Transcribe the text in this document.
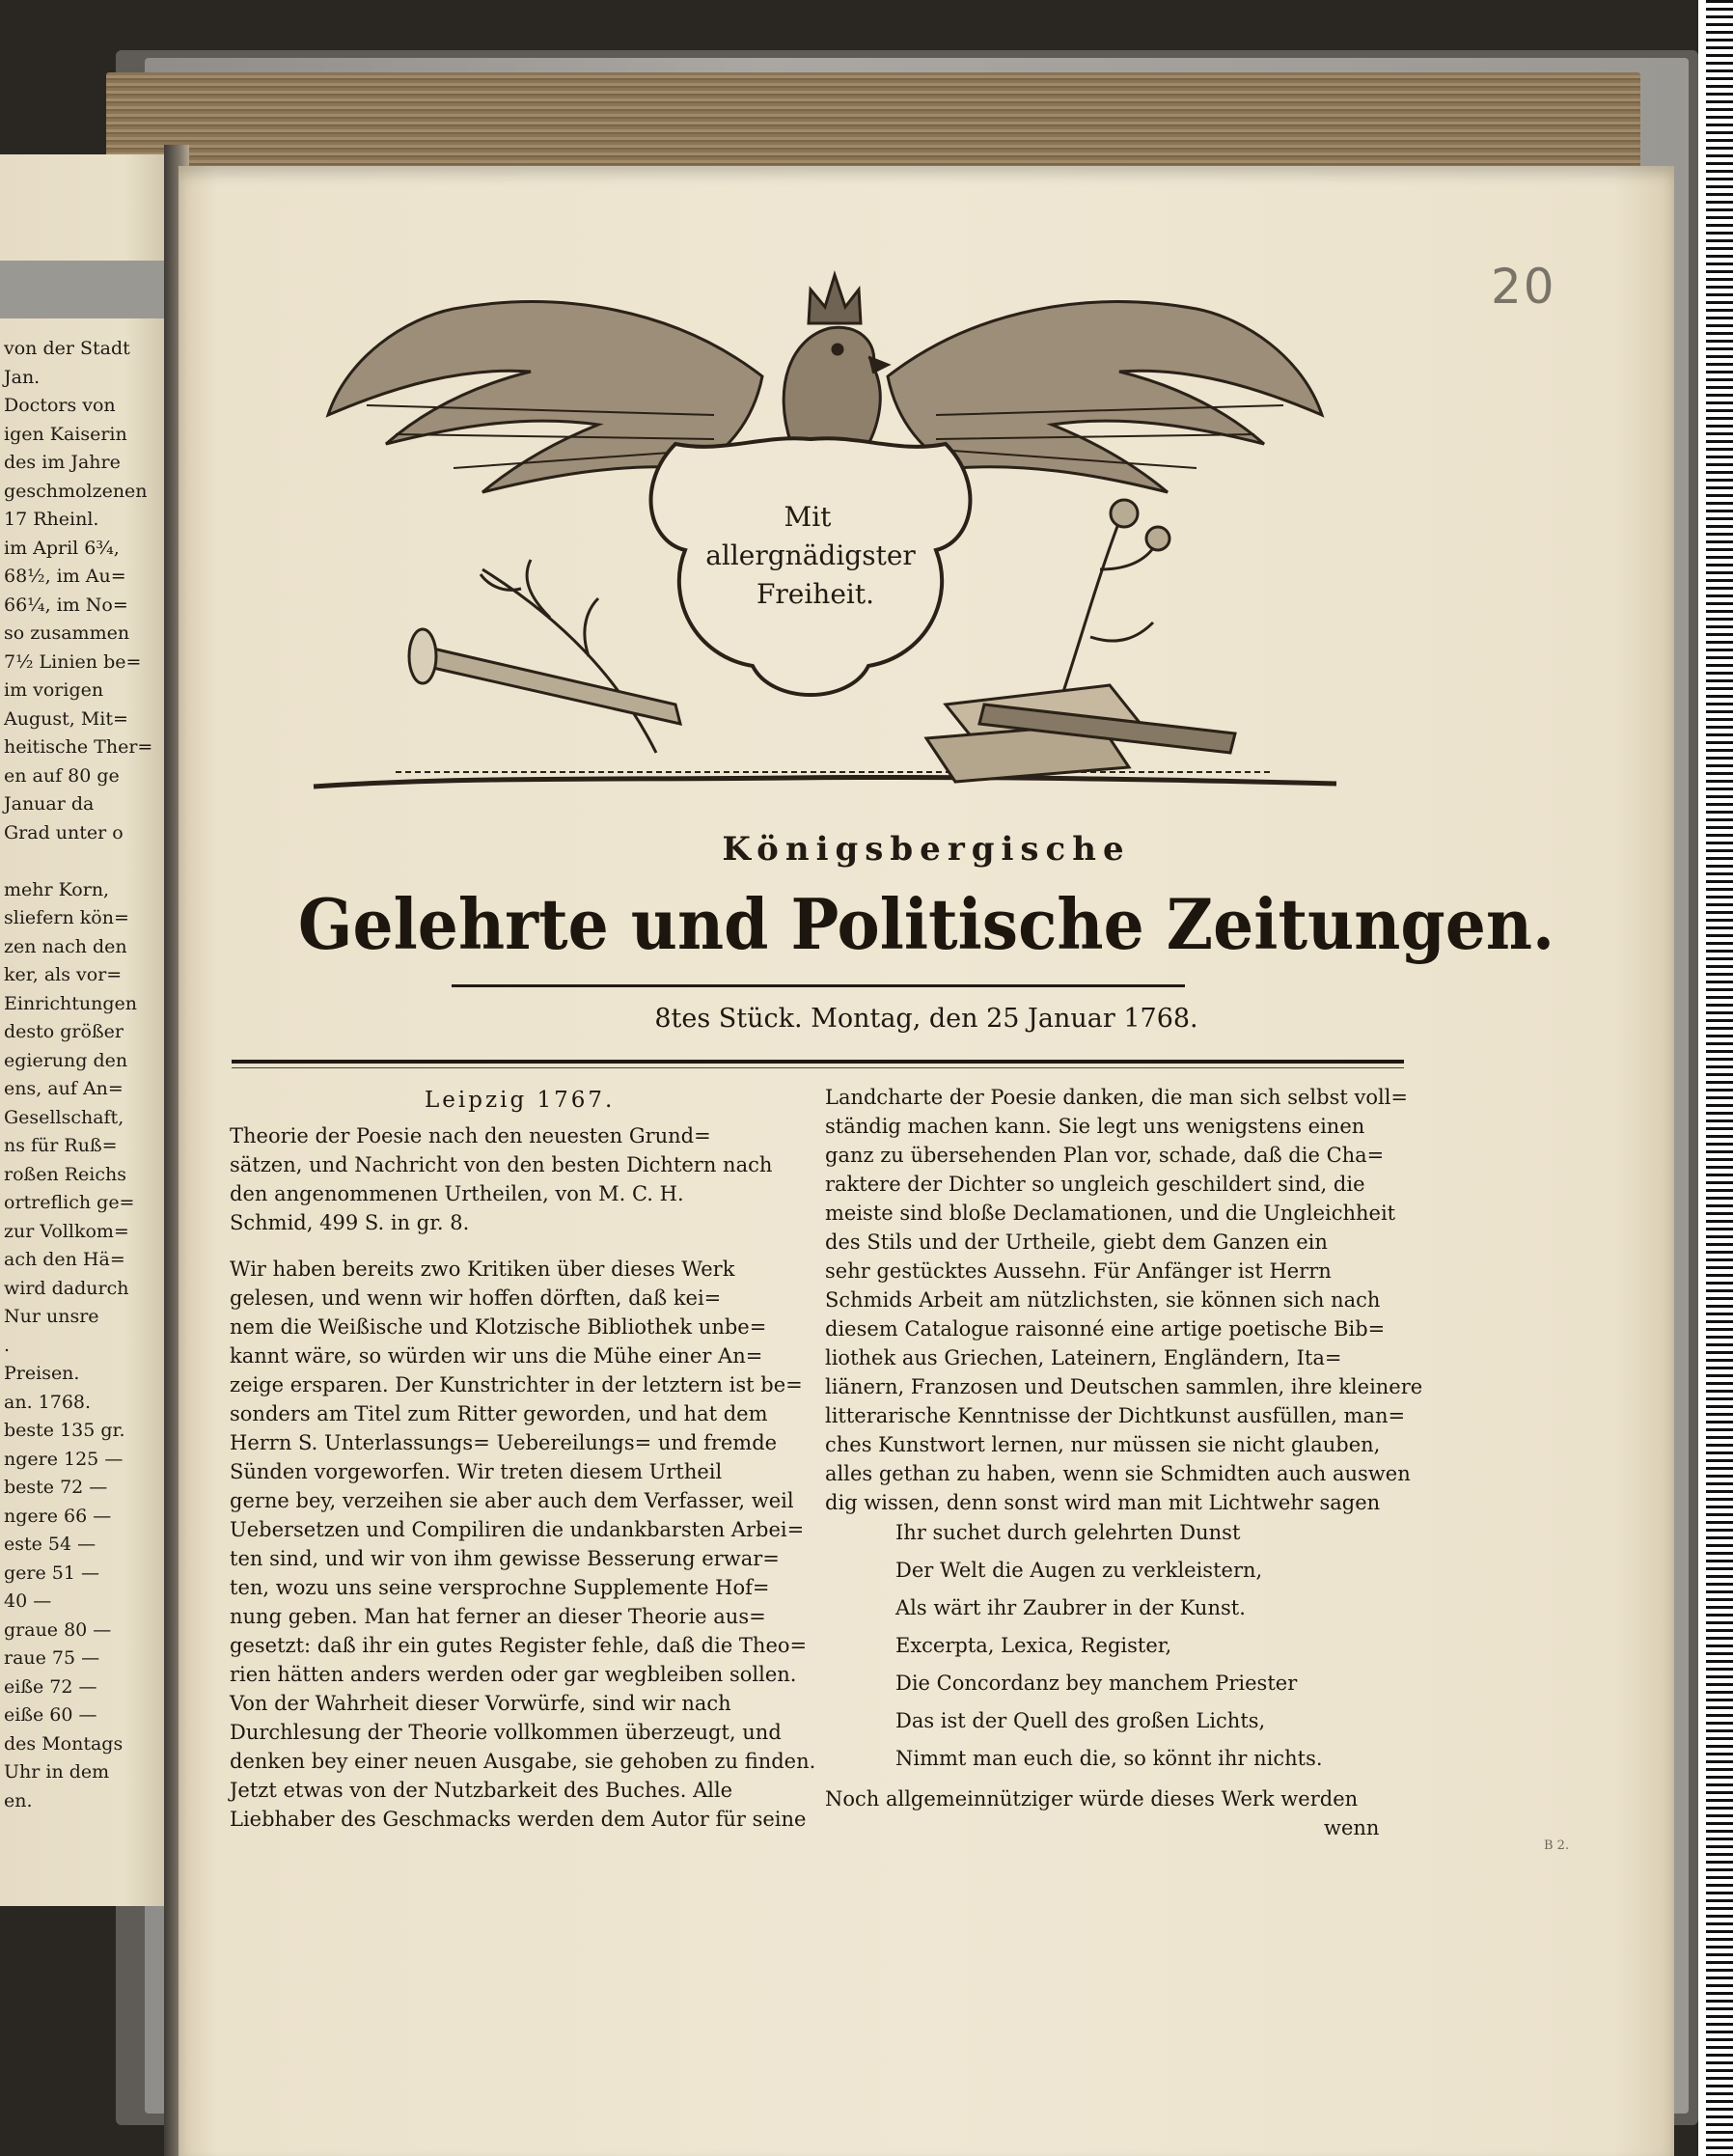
von der Stadt
Jan.
Doctors von
igen Kaiserin
des im Jahre
geschmolzenen
17 Rheinl.
im April 6¾,
68½, im Au=
66¼, im No=
so zusammen
7½ Linien be=
im vorigen
August, Mit=
heitische Ther=
en auf 80 ge
Januar da
Grad unter o
mehr Korn,
sliefern kön=
zen nach den
ker, als vor=
Einrichtungen
desto größer
egierung den
ens, auf An=
Gesellschaft,
ns für Ruß=
roßen Reichs
ortreflich ge=
zur Vollkom=
ach den Hä=
wird dadurch
Nur unsre
.
Preisen.
an. 1768.
beste 135 gr.
ngere 125 —
beste 72 —
ngere 66 —
este 54 —
gere 51 —
40 —
graue 80 —
raue 75 —
eiße 72 —
eiße 60 —
des Montags
Uhr in dem
en.
20
Mit
allergnädigster
Freiheit.
Königsbergische
Gelehrte und Politische Zeitungen.
8tes Stück. Montag, den 25 Januar 1768.
Leipzig 1767.
Theorie der Poesie nach den neuesten Grund=
sätzen, und Nachricht von den besten Dichtern nach
den angenommenen Urtheilen, von M. C. H.
Schmid, 499 S. in gr. 8.
Wir haben bereits zwo Kritiken über dieses Werk
gelesen, und wenn wir hoffen dörften, daß kei=
nem die Weißische und Klotzische Bibliothek unbe=
kannt wäre, so würden wir uns die Mühe einer An=
zeige ersparen. Der Kunstrichter in der letztern ist be=
sonders am Titel zum Ritter geworden, und hat dem
Herrn S. Unterlassungs= Uebereilungs= und fremde
Sünden vorgeworfen. Wir treten diesem Urtheil
gerne bey, verzeihen sie aber auch dem Verfasser, weil
Uebersetzen und Compiliren die undankbarsten Arbei=
ten sind, und wir von ihm gewisse Besserung erwar=
ten, wozu uns seine versprochne Supplemente Hof=
nung geben. Man hat ferner an dieser Theorie aus=
gesetzt: daß ihr ein gutes Register fehle, daß die Theo=
rien hätten anders werden oder gar wegbleiben sollen.
Von der Wahrheit dieser Vorwürfe, sind wir nach
Durchlesung der Theorie vollkommen überzeugt, und
denken bey einer neuen Ausgabe, sie gehoben zu finden.
Jetzt etwas von der Nutzbarkeit des Buches. Alle
Liebhaber des Geschmacks werden dem Autor für seine
Landcharte der Poesie danken, die man sich selbst voll=
ständig machen kann. Sie legt uns wenigstens einen
ganz zu übersehenden Plan vor, schade, daß die Cha=
raktere der Dichter so ungleich geschildert sind, die
meiste sind bloße Declamationen, und die Ungleichheit
des Stils und der Urtheile, giebt dem Ganzen ein
sehr gestücktes Aussehn. Für Anfänger ist Herrn
Schmids Arbeit am nützlichsten, sie können sich nach
diesem Catalogue raisonné eine artige poetische Bib=
liothek aus Griechen, Lateinern, Engländern, Ita=
liänern, Franzosen und Deutschen sammlen, ihre kleinere
litterarische Kenntnisse der Dichtkunst ausfüllen, man=
ches Kunstwort lernen, nur müssen sie nicht glauben,
alles gethan zu haben, wenn sie Schmidten auch auswen
dig wissen, denn sonst wird man mit Lichtwehr sagen
Ihr suchet durch gelehrten Dunst
Der Welt die Augen zu verkleistern,
Als wärt ihr Zaubrer in der Kunst.
Excerpta, Lexica, Register,
Die Concordanz bey manchem Priester
Das ist der Quell des großen Lichts,
Nimmt man euch die, so könnt ihr nichts.
Noch allgemeinnütziger würde dieses Werk werden
wenn
B 2.
